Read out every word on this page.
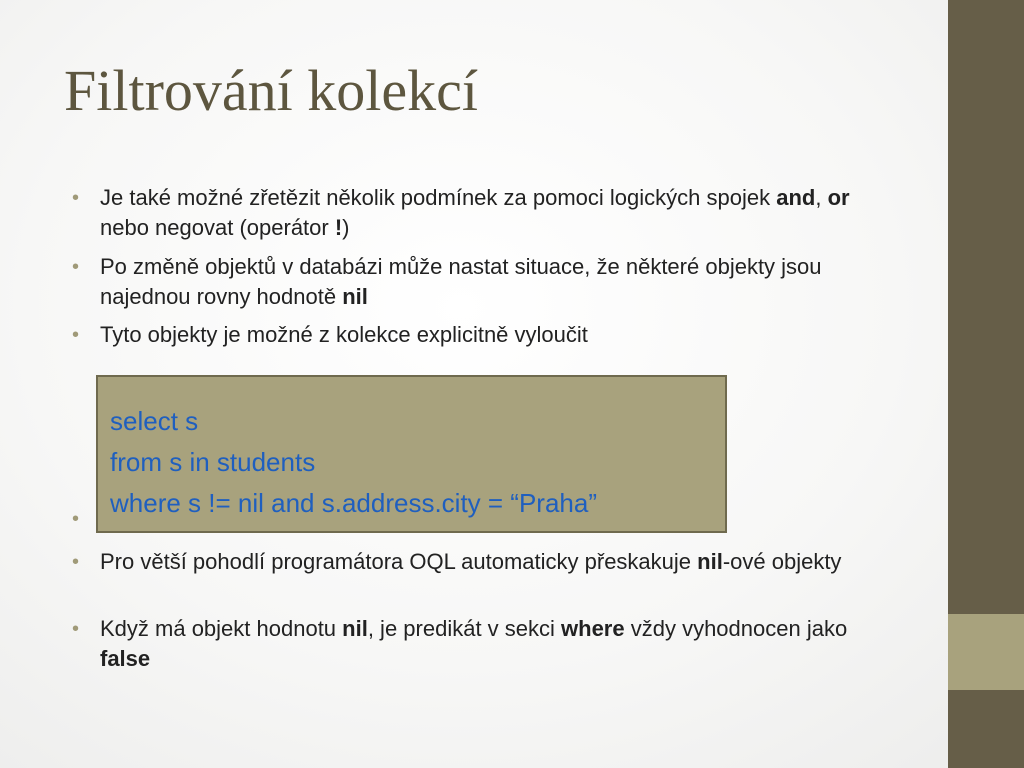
Filtrování kolekcí
• Je také možné zřetězit několik podmínek za pomoci logických spojek and, or nebo negovat (operátor !)
• Po změně objektů v databázi může nastat situace, že některé objekty jsou najednou rovny hodnotě nil
• Tyto objekty je možné z kolekce explicitně vyloučit
•
• Pro větší pohodlí programátora OQL automaticky přeskakuje nil-ové objekty
• Když má objekt hodnotu nil, je predikát v sekci where vždy vyhodnocen jako false
select s
from s in students
where s != nil and s.address.city = “Praha”
